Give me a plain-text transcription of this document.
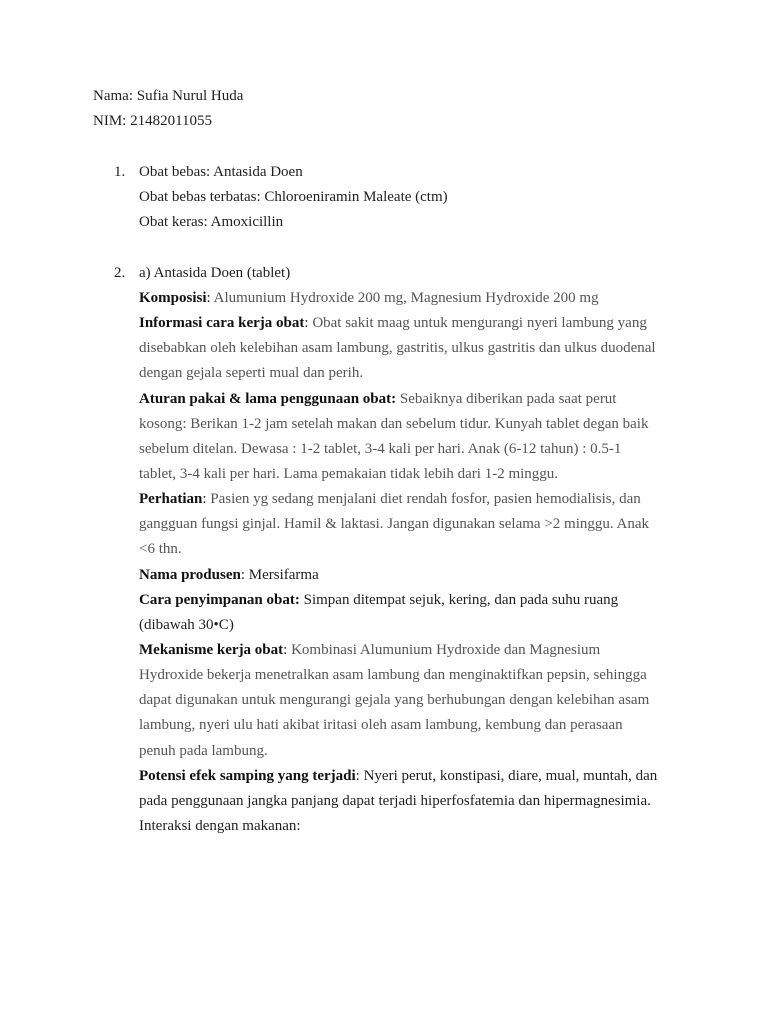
Nama: Sufia Nurul Huda
NIM: 21482011055
1. Obat bebas: Antasida Doen
Obat bebas terbatas: Chloroeniramin Maleate (ctm)
Obat keras: Amoxicillin
2. a) Antasida Doen (tablet)
Komposisi: Alumunium Hydroxide 200 mg, Magnesium Hydroxide 200 mg
Informasi cara kerja obat: Obat sakit maag untuk mengurangi nyeri lambung yang
disebabkan oleh kelebihan asam lambung, gastritis, ulkus gastritis dan ulkus duodenal
dengan gejala seperti mual dan perih.
Aturan pakai & lama penggunaan obat: Sebaiknya diberikan pada saat perut
kosong: Berikan 1-2 jam setelah makan dan sebelum tidur. Kunyah tablet degan baik
sebelum ditelan. Dewasa : 1-2 tablet, 3-4 kali per hari. Anak (6-12 tahun) : 0.5-1
tablet, 3-4 kali per hari. Lama pemakaian tidak lebih dari 1-2 minggu.
Perhatian: Pasien yg sedang menjalani diet rendah fosfor, pasien hemodialisis, dan
gangguan fungsi ginjal. Hamil & laktasi. Jangan digunakan selama >2 minggu. Anak
<6 thn.
Nama produsen: Mersifarma
Cara penyimpanan obat: Simpan ditempat sejuk, kering, dan pada suhu ruang
(dibawah 30•C)
Mekanisme kerja obat: Kombinasi Alumunium Hydroxide dan Magnesium
Hydroxide bekerja menetralkan asam lambung dan menginaktifkan pepsin, sehingga
dapat digunakan untuk mengurangi gejala yang berhubungan dengan kelebihan asam
lambung, nyeri ulu hati akibat iritasi oleh asam lambung, kembung dan perasaan
penuh pada lambung.
Potensi efek samping yang terjadi: Nyeri perut, konstipasi, diare, mual, muntah, dan
pada penggunaan jangka panjang dapat terjadi hiperfosfatemia dan hipermagnesimia.
Interaksi dengan makanan:
